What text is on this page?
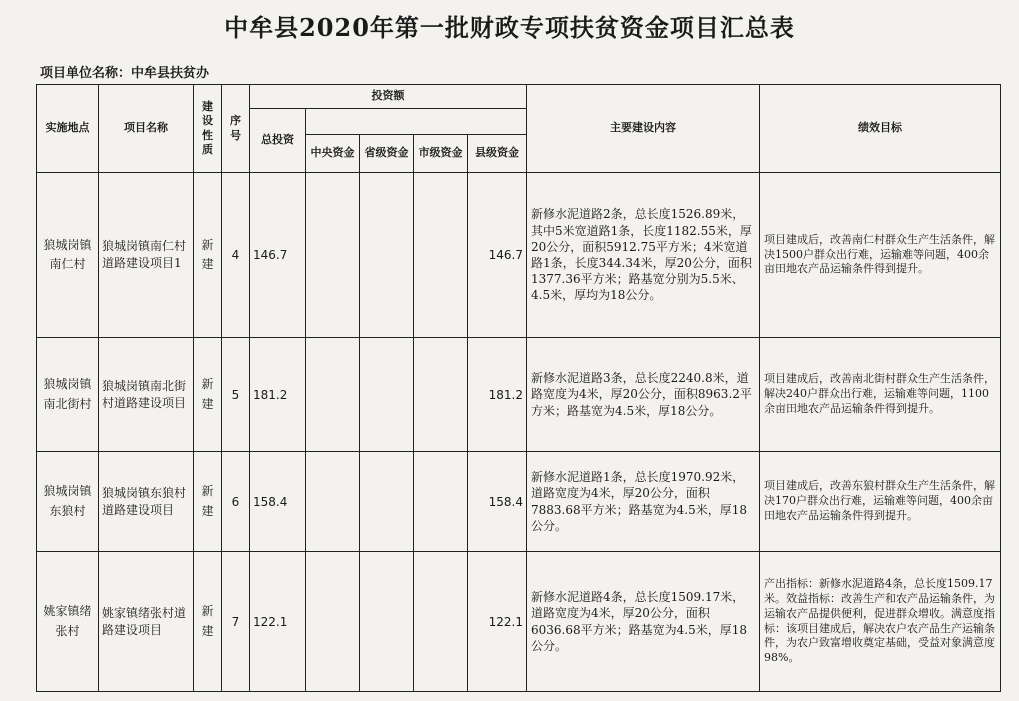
中牟县2020年第一批财政专项扶贫资金项目汇总表
项目单位名称：中牟县扶贫办
实施地点	项目名称	建设性质	序号	投资额					主要建设内容	绩效目标
				总投资						
					中央资金	省级资金	市级资金	县级资金		
狼城岗镇南仁村	狼城岗镇南仁村道路建设项目1	新建	4	146.7				146.7	新修水泥道路2条，总长度1526.89米，其中5米宽道路1条，长度1182.55米，厚20公分，面积5912.75平方米；4米宽道路1条，长度344.34米，厚20公分，面积1377.36平方米；路基宽分别为5.5米、4.5米，厚均为18公分。	项目建成后，改善南仁村群众生产生活条件，解决1500户群众出行难，运输难等问题，400余亩田地农产品运输条件得到提升。
狼城岗镇南北街村	狼城岗镇南北街村道路建设项目	新建	5	181.2				181.2	新修水泥道路3条，总长度2240.8米，道路宽度为4米，厚20公分，面积8963.2平方米；路基宽为4.5米，厚18公分。	项目建成后，改善南北街村群众生产生活条件，解决240户群众出行难，运输难等问题，1100余亩田地农产品运输条件得到提升。
狼城岗镇东狼村	狼城岗镇东狼村道路建设项目	新建	6	158.4				158.4	新修水泥道路1条，总长度1970.92米，道路宽度为4米，厚20公分，面积7883.68平方米；路基宽为4.5米，厚18公分。	项目建成后，改善东狼村群众生产生活条件，解决170户群众出行难，运输难等问题，400余亩田地农产品运输条件得到提升。
姚家镇绪张村	姚家镇绪张村道路建设项目	新建	7	122.1				122.1	新修水泥道路4条，总长度1509.17米，道路宽度为4米，厚20公分，面积6036.68平方米；路基宽为4.5米，厚18公分。	产出指标：新修水泥道路4条，总长度1509.17米。效益指标：改善生产和农产品运输条件，为运输农产品提供便利，促进群众增收。满意度指标：该项目建成后，解决农户农产品生产运输条件，为农户致富增收奠定基础，受益对象满意度98%。
